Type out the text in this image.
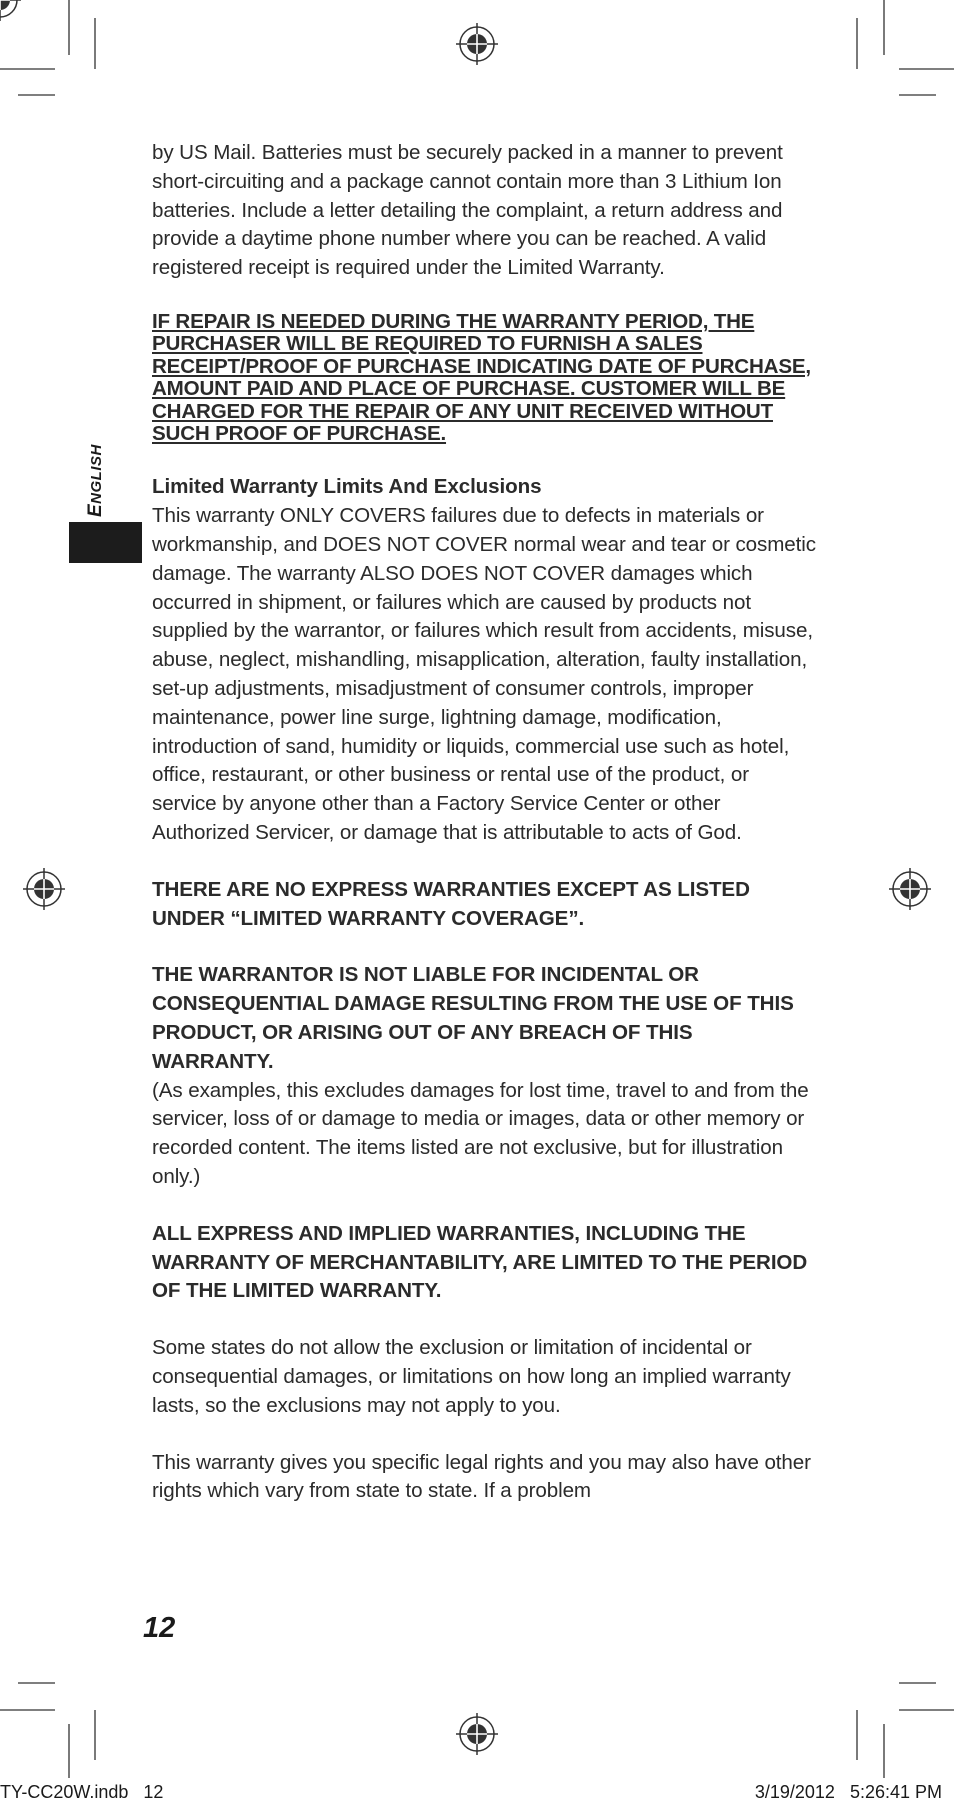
ENGLISH

by US Mail. Batteries must be securely packed in a manner to prevent short-circuiting and a package cannot contain more than 3 Lithium Ion batteries. Include a letter detailing the complaint, a return address and provide a daytime phone number where you can be reached. A valid registered receipt is required under the Limited Warranty.

IF REPAIR IS NEEDED DURING THE WARRANTY PERIOD, THE PURCHASER WILL BE REQUIRED TO FURNISH A SALES RECEIPT/PROOF OF PURCHASE INDICATING DATE OF PURCHASE, AMOUNT PAID AND PLACE OF PURCHASE. CUSTOMER WILL BE CHARGED FOR THE REPAIR OF ANY UNIT RECEIVED WITHOUT SUCH PROOF OF PURCHASE.

Limited Warranty Limits And Exclusions

This warranty ONLY COVERS failures due to defects in materials or workmanship, and DOES NOT COVER normal wear and tear or cosmetic damage. The warranty ALSO DOES NOT COVER damages which occurred in shipment, or failures which are caused by products not supplied by the warrantor, or failures which result from accidents, misuse, abuse, neglect, mishandling, misapplication, alteration, faulty installation, set-up adjustments, misadjustment of consumer controls, improper maintenance, power line surge, lightning damage, modification, introduction of sand, humidity or liquids, commercial use such as hotel, office, restaurant, or other business or rental use of the product, or service by anyone other than a Factory Service Center or other Authorized Servicer, or damage that is attributable to acts of God.

THERE ARE NO EXPRESS WARRANTIES EXCEPT AS LISTED UNDER “LIMITED WARRANTY COVERAGE”.

THE WARRANTOR IS NOT LIABLE FOR INCIDENTAL OR CONSEQUENTIAL DAMAGE RESULTING FROM THE USE OF THIS PRODUCT, OR ARISING OUT OF ANY BREACH OF THIS WARRANTY.

(As examples, this excludes damages for lost time, travel to and from the servicer, loss of or damage to media or images, data or other memory or recorded content. The items listed are not exclusive, but for illustration only.)

ALL EXPRESS AND IMPLIED WARRANTIES, INCLUDING THE WARRANTY OF MERCHANTABILITY, ARE LIMITED TO THE PERIOD OF THE LIMITED WARRANTY.

Some states do not allow the exclusion or limitation of incidental or consequential damages, or limitations on how long an implied warranty lasts, so the exclusions may not apply to you.

This warranty gives you specific legal rights and you may also have other rights which vary from state to state. If a problem

12
TY-CC20W.indb   12	3/19/2012   5:26:41 PM
